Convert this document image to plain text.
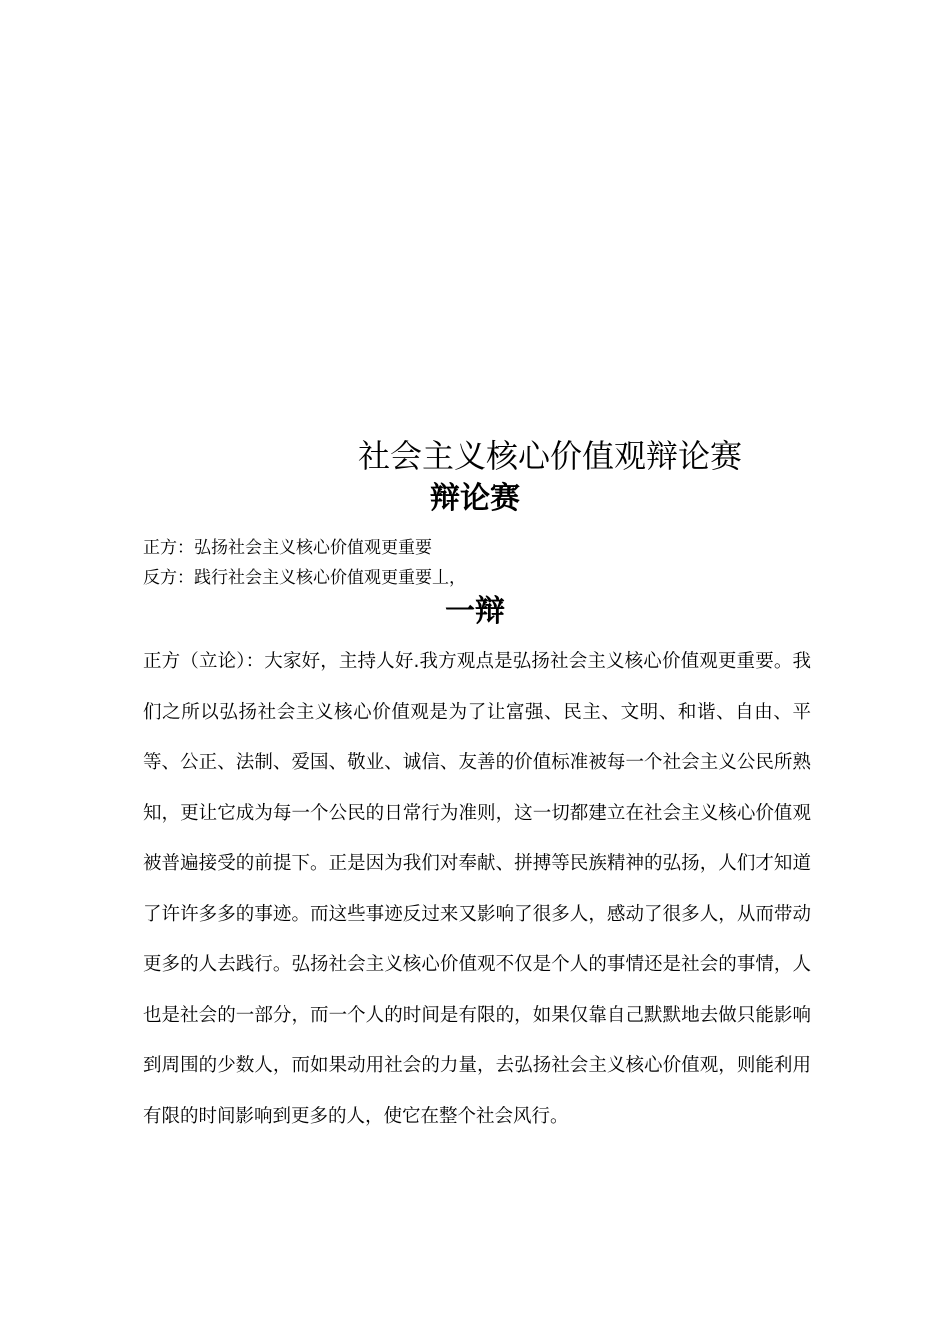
社会主义核心价值观辩论赛
辩论赛
正方：弘扬社会主义核心价值观更重要
反方：践行社会主义核心价值观更重要丄，
一辩

正方（立论）：大家好，主持人好.我方观点是弘扬社会主义核心价值观更重要。我们之所以弘扬社会主义核心价值观是为了让富强、民主、文明、和谐、自由、平等、公正、法制、爱国、敬业、诚信、友善的价值标准被每一个社会主义公民所熟知，更让它成为每一个公民的日常行为准则，这一切都建立在社会主义核心价值观被普遍接受的前提下。正是因为我们对奉献、拼搏等民族精神的弘扬，人们才知道了许许多多的事迹。而这些事迹反过来又影响了很多人，感动了很多人，从而带动更多的人去践行。弘扬社会主义核心价值观不仅是个人的事情还是社会的事情，人也是社会的一部分，而一个人的时间是有限的，如果仅靠自己默默地去做只能影响到周围的少数人，而如果动用社会的力量，去弘扬社会主义核心价值观，则能利用有限的时间影响到更多的人，使它在整个社会风行。
